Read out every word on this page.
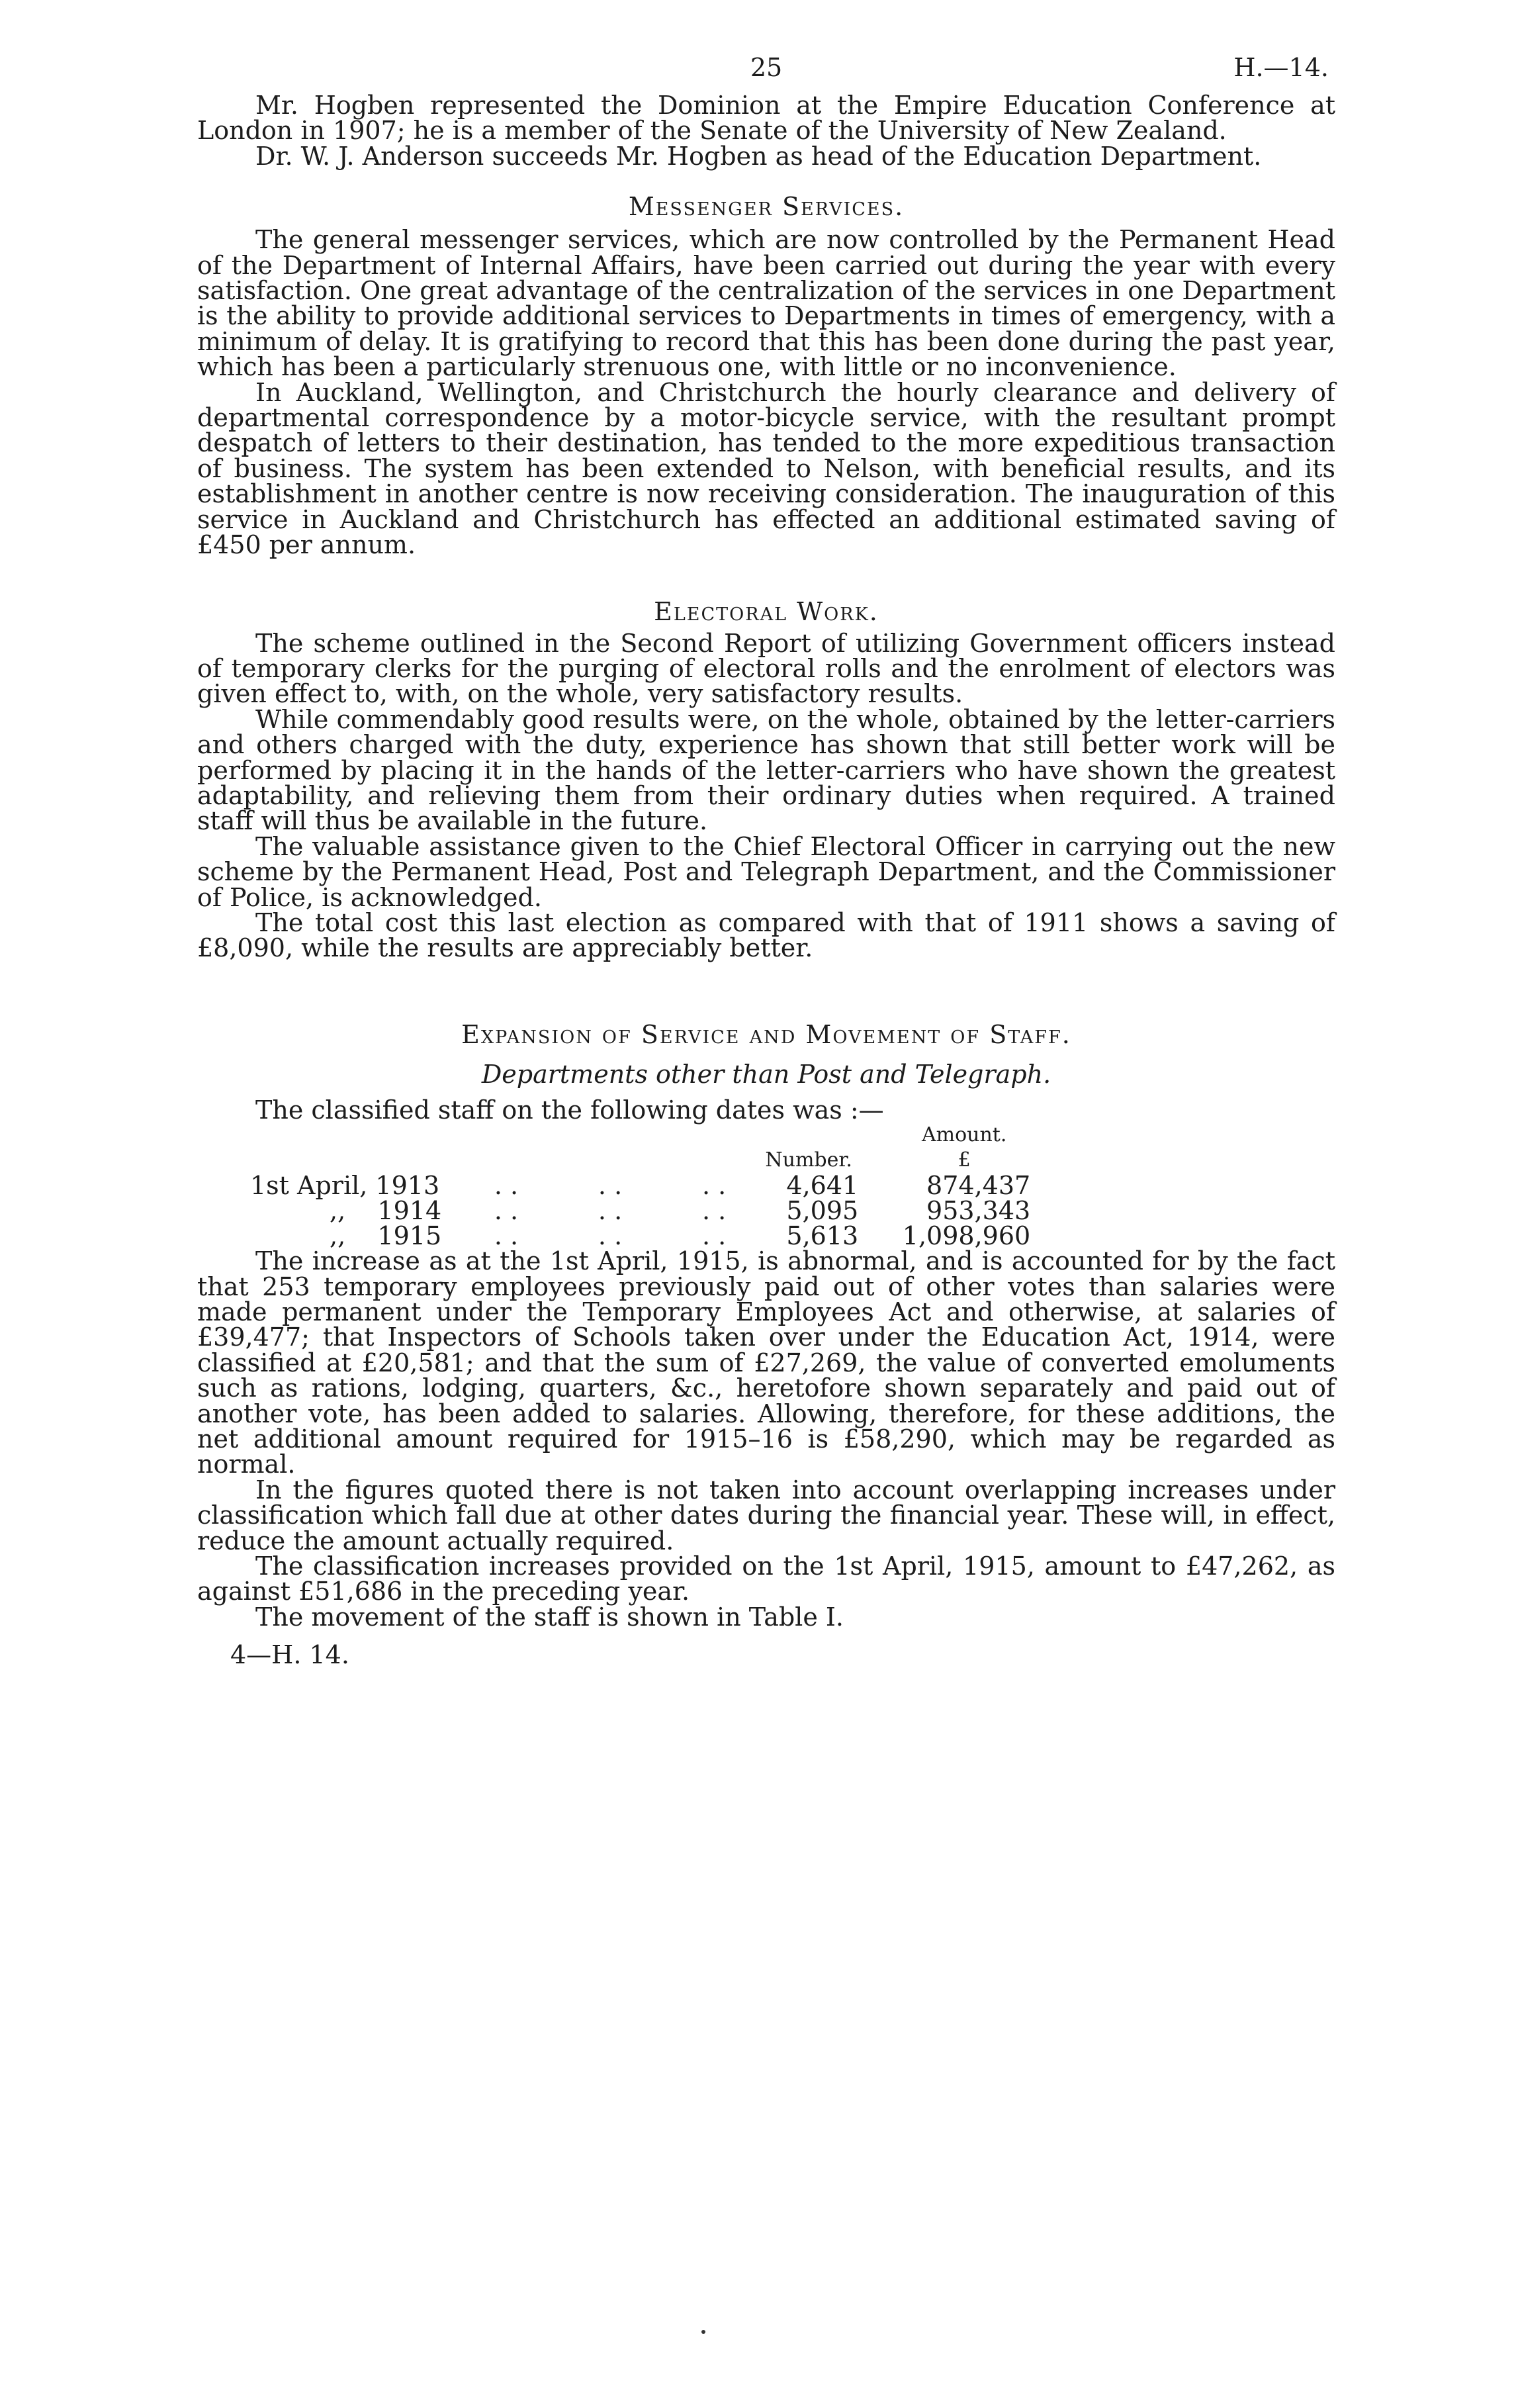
25	H.—14.

Mr. Hogben represented the Dominion at the Empire Education Conference at London in 1907; he is a member of the Senate of the University of New Zealand.

Dr. W. J. Anderson succeeds Mr. Hogben as head of the Education Department.

Messenger Services.

The general messenger services, which are now controlled by the Permanent Head of the Department of Internal Affairs, have been carried out during the year with every satisfaction. One great advantage of the centralization of the services in one Department is the ability to provide additional services to Departments in times of emergency, with a minimum of delay. It is gratifying to record that this has been done during the past year, which has been a particularly strenuous one, with little or no inconvenience.

In Auckland, Wellington, and Christchurch the hourly clearance and delivery of departmental correspondence by a motor-bicycle service, with the resultant prompt despatch of letters to their destination, has tended to the more expeditious transaction of business. The system has been extended to Nelson, with beneficial results, and its establishment in another centre is now receiving consideration. The inauguration of this service in Auckland and Christchurch has effected an additional estimated saving of £450 per annum.

Electoral Work.

The scheme outlined in the Second Report of utilizing Government officers instead of temporary clerks for the purging of electoral rolls and the enrolment of electors was given effect to, with, on the whole, very satisfactory results.

While commendably good results were, on the whole, obtained by the letter-carriers and others charged with the duty, experience has shown that still better work will be performed by placing it in the hands of the letter-carriers who have shown the greatest adaptability, and relieving them from their ordinary duties when required. A trained staff will thus be available in the future.

The valuable assistance given to the Chief Electoral Officer in carrying out the new scheme by the Permanent Head, Post and Telegraph Department, and the Commissioner of Police, is acknowledged.

The total cost this last election as compared with that of 1911 shows a saving of £8,090, while the results are appreciably better.

Expansion of Service and Movement of Staff.
Departments other than Post and Telegraph.

The classified staff on the following dates was :—

		Number.	Amount.
£

1st April, 1913	. .          . .          . .	4,641	874,437
,,    1914	. .          . .          . .	5,095	953,343
,,    1915	. .          . .          . .	5,613	1,098,960

The increase as at the 1st April, 1915, is abnormal, and is accounted for by the fact that 253 temporary employees previously paid out of other votes than salaries were made permanent under the Temporary Employees Act and otherwise, at salaries of £39,477; that Inspectors of Schools taken over under the Education Act, 1914, were classified at £20,581; and that the sum of £27,269, the value of converted emoluments such as rations, lodging, quarters, &c., heretofore shown separately and paid out of another vote, has been added to salaries. Allowing, therefore, for these additions, the net additional amount required for 1915–16 is £58,290, which may be regarded as normal.

In the figures quoted there is not taken into account overlapping increases under classification which fall due at other dates during the financial year. These will, in effect, reduce the amount actually required.

The classification increases provided on the 1st April, 1915, amount to £47,262, as against £51,686 in the preceding year.

The movement of the staff is shown in Table I.

4—H. 14.
